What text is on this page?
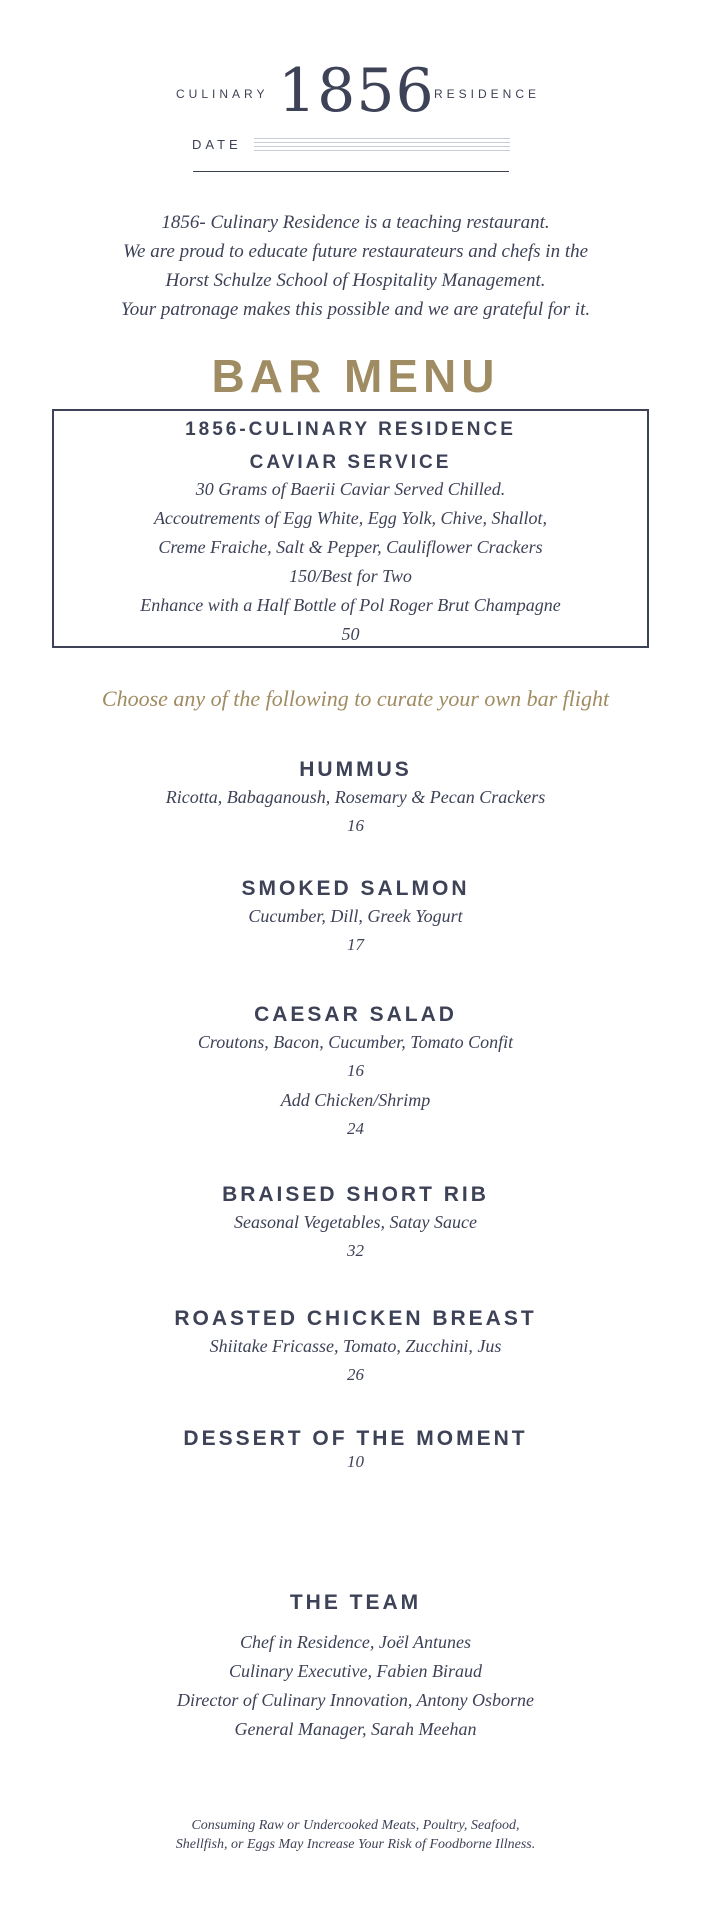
CULINARY 1856 RESIDENCE
DATE
1856- Culinary Residence is a teaching restaurant.
We are proud to educate future restaurateurs and chefs in the
Horst Schulze School of Hospitality Management.
Your patronage makes this possible and we are grateful for it.
BAR MENU
1856-CULINARY RESIDENCE
CAVIAR SERVICE
30 Grams of Baerii Caviar Served Chilled.
Accoutrements of Egg White, Egg Yolk, Chive, Shallot,
Creme Fraiche, Salt & Pepper, Cauliflower Crackers
150/Best for Two
Enhance with a Half Bottle of Pol Roger Brut Champagne
50
Choose any of the following to curate your own bar flight
HUMMUS
Ricotta, Babaganoush, Rosemary & Pecan Crackers
16
SMOKED SALMON
Cucumber, Dill, Greek Yogurt
17
CAESAR SALAD
Croutons, Bacon, Cucumber, Tomato Confit
16
Add Chicken/Shrimp
24
BRAISED SHORT RIB
Seasonal Vegetables, Satay Sauce
32
ROASTED CHICKEN BREAST
Shiitake Fricasse, Tomato, Zucchini, Jus
26
DESSERT OF THE MOMENT
10
THE TEAM
Chef in Residence, Joël Antunes
Culinary Executive, Fabien Biraud
Director of Culinary Innovation, Antony Osborne
General Manager, Sarah Meehan
Consuming Raw or Undercooked Meats, Poultry, Seafood,
Shellfish, or Eggs May Increase Your Risk of Foodborne Illness.
